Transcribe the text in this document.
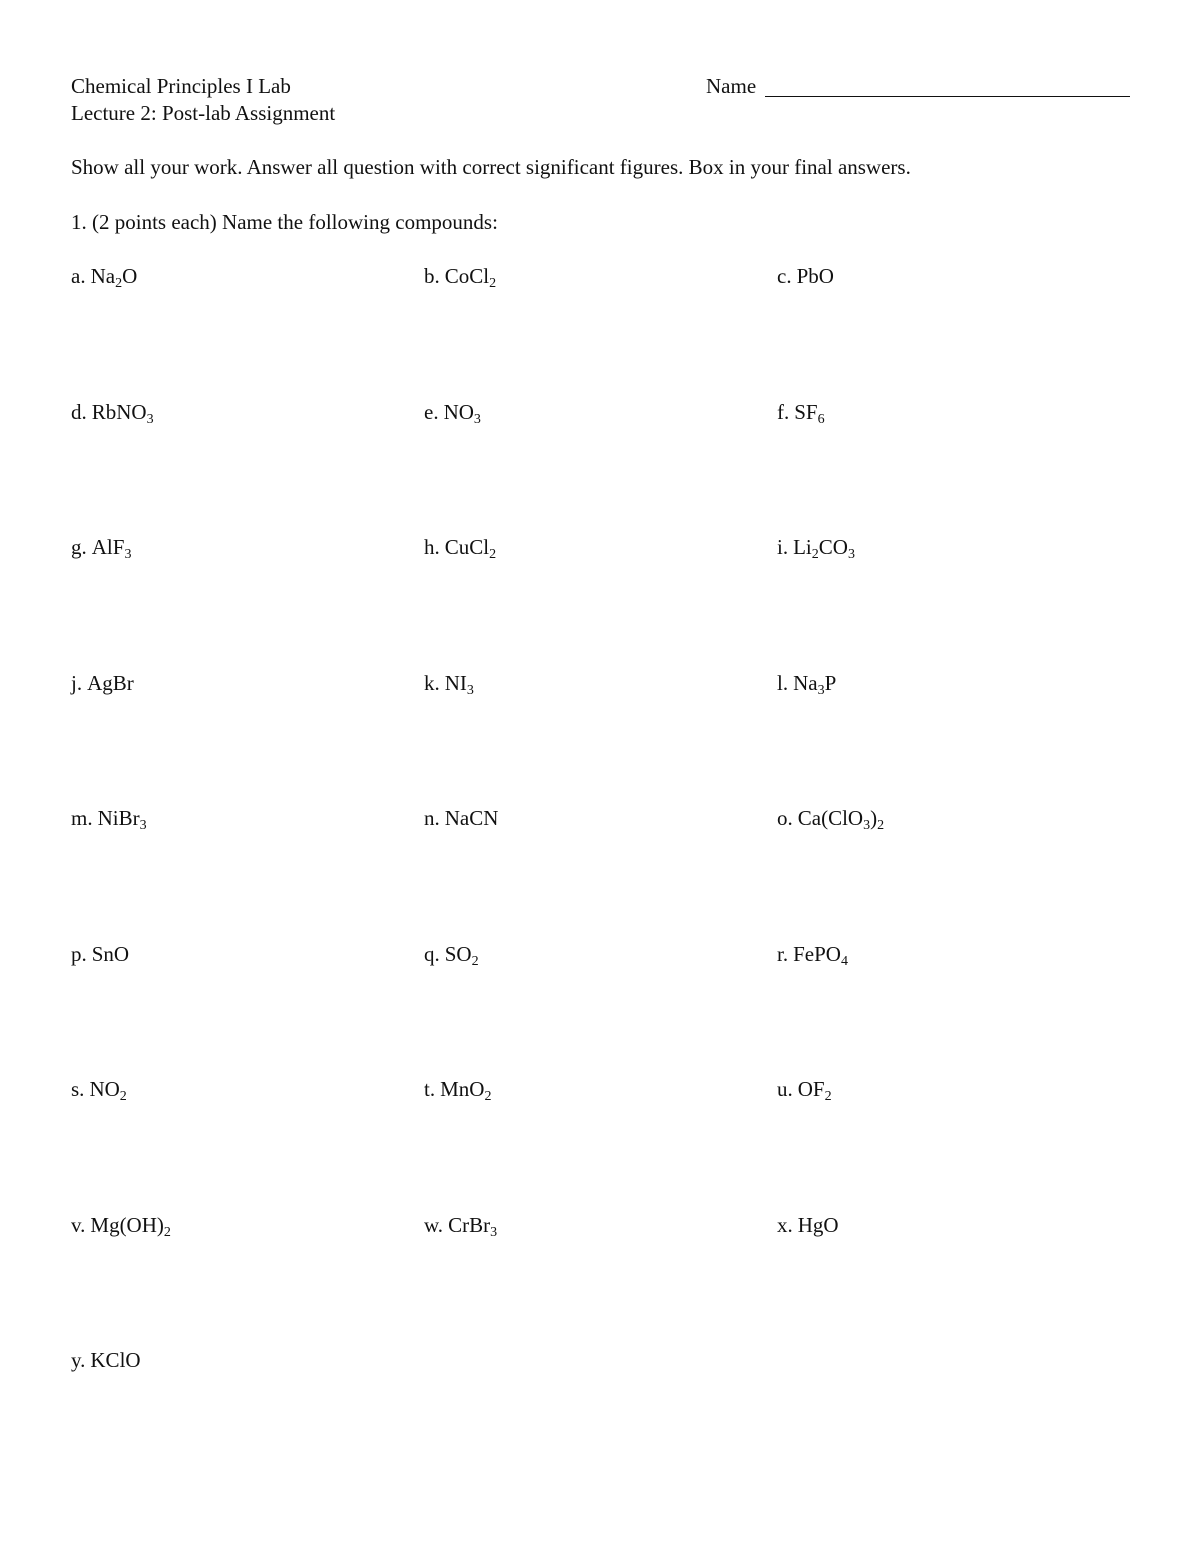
Chemical Principles I Lab
Lecture 2: Post-lab Assignment
Name
Show all your work. Answer all question with correct significant figures. Box in your final answers.
1. (2 points each) Name the following compounds:
a. $Na_2O$	b. CoCl$_2$	c. PbO
d. RbNO$_3$	e. $NO_3$	f. $SF_6$
g. AlF$_3$	h. CuCl$_2$	i. $Li_2CO_3$
j. AgBr	k. $NI_3$	l. $Na_3P$
m. NiBr$_3$	n. NaCN	o. $Ca(ClO_3)_2$
p. SnO	q. $SO_2$	r. FePO$_4$
s. $NO_2$	t. MnO$_2$	u. $OF_2$
v. $Mg(OH)_2$	w. CrBr$_3$	x. HgO
y. KClO
